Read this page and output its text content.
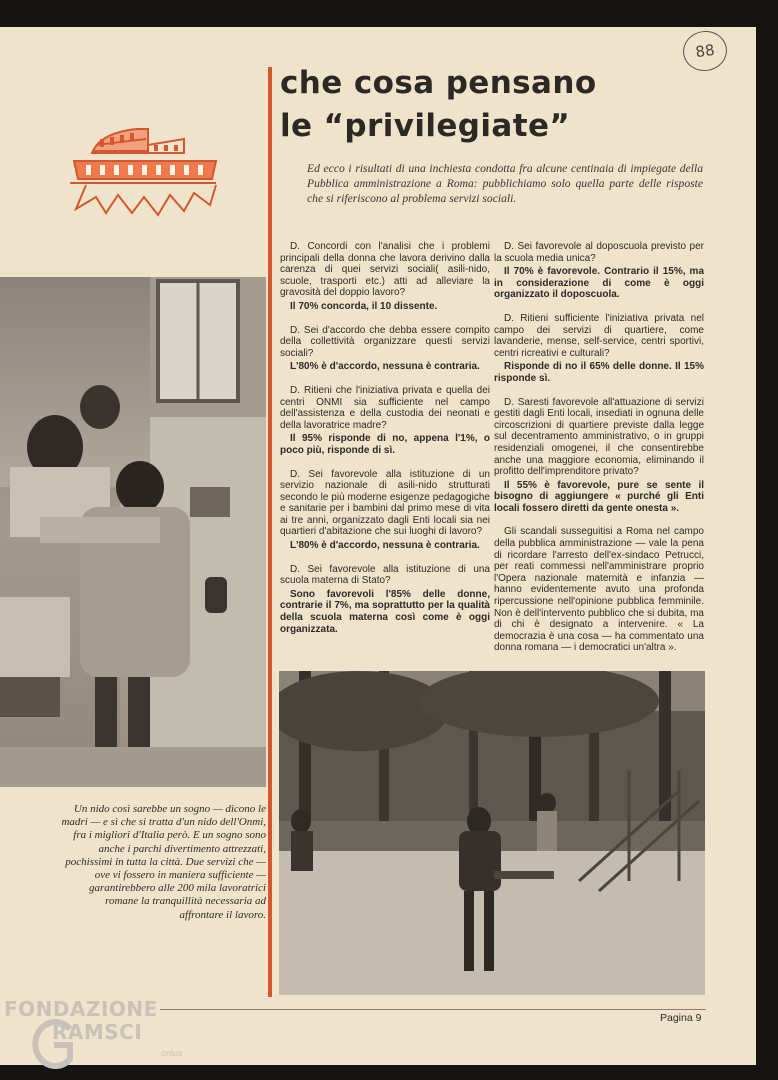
88
che cosa pensano
le “privilegiate”

Ed ecco i risultati di una inchiesta condotta fra alcune centinaia di impiegate della Pubblica amministrazione a Roma: pubblichiamo solo quella parte delle risposte che si riferiscono al problema servizi sociali.

D. Concordi con l'analisi che i problemi principali della donna che lavora derivino dalla carenza di quei servizi sociali( asili-nido, scuole, trasporti etc.) atti ad alleviare la gravosità del doppio lavoro?

Il 70% concorda, il 10 dissente.

D. Sei d'accordo che debba essere compito della collettività organizzare questi servizi sociali?

L'80% è d'accordo, nessuna è contraria.

D. Ritieni che l'iniziativa privata e quella dei centri ONMI sia sufficiente nel campo dell'assistenza e della custodia dei neonati e della lavoratrice madre?

Il 95% risponde di no, appena l'1%, o poco più, risponde di sì.

D. Sei favorevole alla istituzione di un servizio nazionale di asili-nido strutturati secondo le più moderne esigenze pedagogiche e sanitarie per i bambini dal primo mese di vita ai tre anni, organizzato dagli Enti locali sia nei quartieri d'abitazione che sui luoghi di lavoro?

L'80% è d'accordo, nessuna è contraria.

D. Sei favorevole alla istituzione di una scuola materna di Stato?

Sono favorevoli l'85% delle donne, contrarie il 7%, ma soprattutto per la qualità della scuola materna così come è oggi organizzata.

D. Sei favorevole al doposcuola previsto per la scuola media unica?

Il 70% è favorevole. Contrario il 15%, ma in considerazione di come è oggi organizzato il doposcuola.

D. Ritieni sufficiente l'iniziativa privata nel campo dei servizi di quartiere, come lavanderie, mense, self-service, centri sportivi, centri ricreativi e culturali?

Risponde di no il 65% delle donne. Il 15% risponde sì.

D. Saresti favorevole all'attuazione di servizi gestiti dagli Enti locali, insediati in ognuna delle circoscrizioni di quartiere previste dalla legge sul decentramento amministrativo, o in gruppi residenziali omogenei, il che consentirebbe anche una maggiore economia, eliminando il profitto dell'imprenditore privato?

Il 55% è favorevole, pure se sente il bisogno di aggiungere « purché gli Enti locali fossero diretti da gente onesta ».

Gli scandali susseguitisi a Roma nel campo della pubblica amministrazione — vale la pena di ricordare l'arresto dell'ex-sindaco Petrucci, per reati commessi nell'amministrare proprio l'Opera nazionale maternità e infanzia — hanno evidentemente avuto una profonda ripercussione nell'opinione pubblica femminile. Non è dell'intervento pubblico che si dubita, ma di chi è designato a intervenire. « La democrazia è una cosa — ha commentato una donna romana — i democratici un'altra ».

Un nido così sarebbe un sogno — dicono le madri — e sì che si tratta d'un nido dell'Onmi, fra i migliori d'Italia però. E un sogno sono anche i parchi divertimento attrezzati, pochissimi in tutta la città. Due servizi che — ove vi fossero in maniera sufficiente — garantirebbero alle 200 mila lavoratrici romane la tranquillità necessaria ad affrontare il lavoro.

Pagina 9
FONDAZIONE
RAMSCI
onlus
